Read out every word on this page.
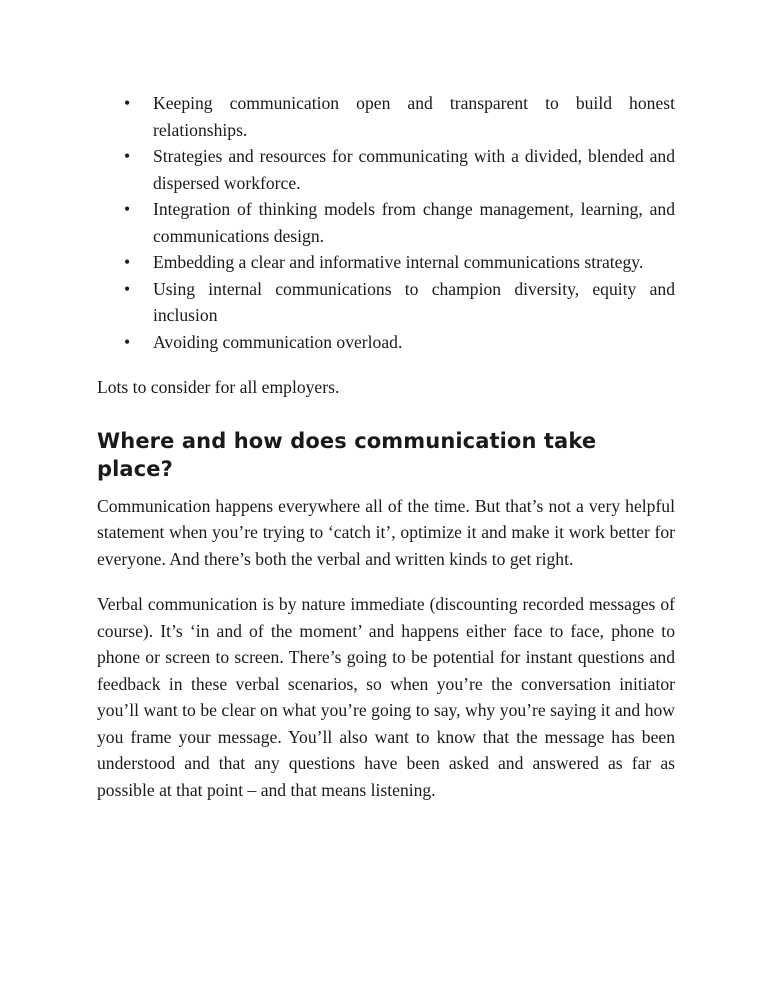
• Keeping communication open and transparent to build honest relationships.
• Strategies and resources for communicating with a divided, blended and dispersed workforce.
• Integration of thinking models from change management, learning, and communications design.
• Embedding a clear and informative internal communications strategy.
• Using internal communications to champion diversity, equity and inclusion
• Avoiding communication overload.

Lots to consider for all employers.

Where and how does communication take place?

Communication happens everywhere all of the time. But that’s not a very helpful statement when you’re trying to ‘catch it’, optimize it and make it work better for everyone. And there’s both the verbal and written kinds to get right.

Verbal communication is by nature immediate (discounting recorded messages of course). It’s ‘in and of the moment’ and happens either face to face, phone to phone or screen to screen. There’s going to be potential for instant questions and feedback in these verbal scenarios, so when you’re the conversation initiator you’ll want to be clear on what you’re going to say, why you’re saying it and how you frame your message. You’ll also want to know that the message has been understood and that any questions have been asked and answered as far as possible at that point – and that means listening.
